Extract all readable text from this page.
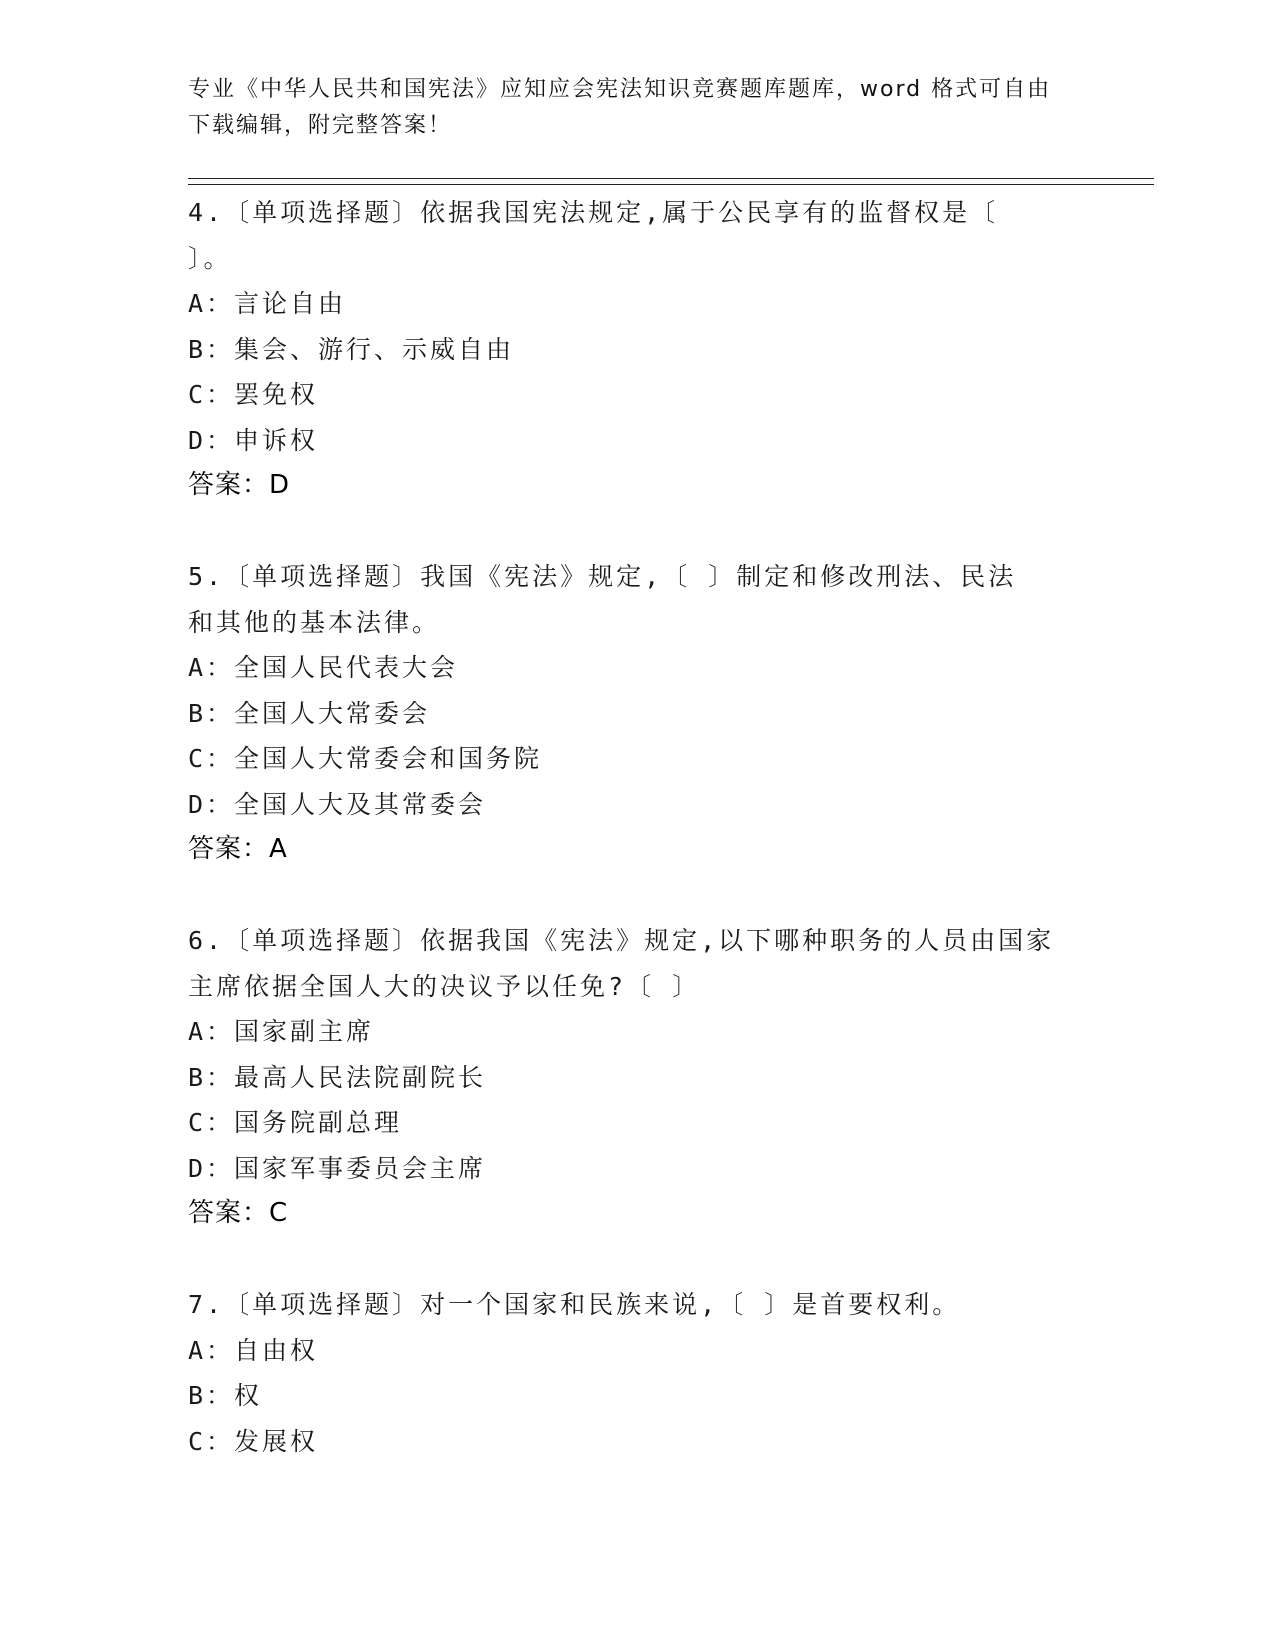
专业《中华人民共和国宪法》应知应会宪法知识竞赛题库题库，word 格式可自由
下载编辑，附完整答案！
4.〔单项选择题〕依据我国宪法规定,属于公民享有的监督权是〔
〕。
A：言论自由
B：集会、游行、示威自由
C：罢免权
D：申诉权
答案：D
5.〔单项选择题〕我国《宪法》规定,〔 〕制定和修改刑法、民法
和其他的基本法律。
A：全国人民代表大会
B：全国人大常委会
C：全国人大常委会和国务院
D：全国人大及其常委会
答案：A
6.〔单项选择题〕依据我国《宪法》规定,以下哪种职务的人员由国家
主席依据全国人大的决议予以任免?〔 〕
A：国家副主席
B：最高人民法院副院长
C：国务院副总理
D：国家军事委员会主席
答案：C
7.〔单项选择题〕对一个国家和民族来说,〔 〕是首要权利。
A：自由权
B：权
C：发展权
